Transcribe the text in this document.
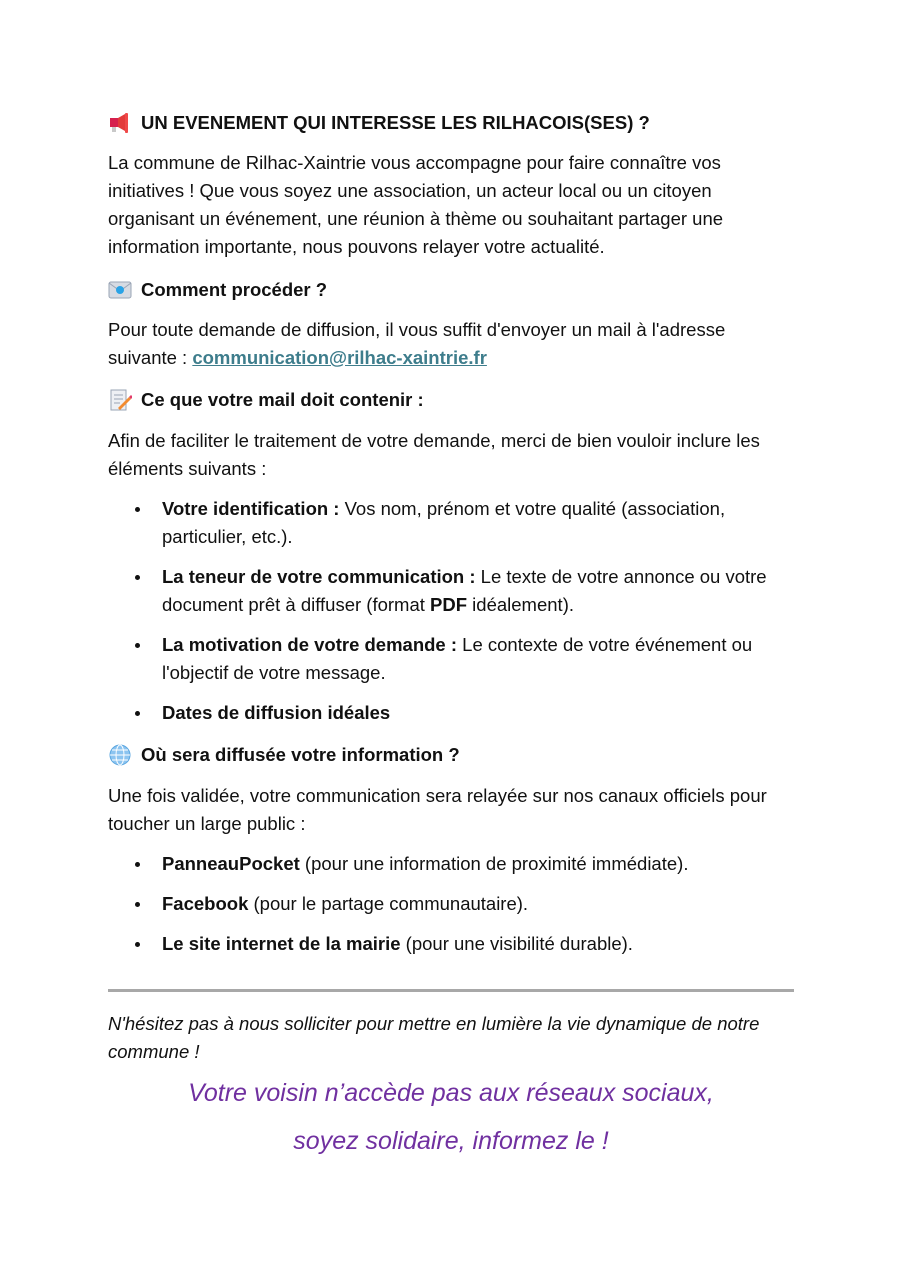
UN EVENEMENT QUI INTERESSE LES RILHACOIS(SES) ?
La commune de Rilhac-Xaintrie vous accompagne pour faire connaître vos initiatives ! Que vous soyez une association, un acteur local ou un citoyen organisant un événement, une réunion à thème ou souhaitant partager une information importante, nous pouvons relayer votre actualité.
Comment procéder ?
Pour toute demande de diffusion, il vous suffit d'envoyer un mail à l'adresse suivante : communication@rilhac-xaintrie.fr
Ce que votre mail doit contenir :
Afin de faciliter le traitement de votre demande, merci de bien vouloir inclure les éléments suivants :
Votre identification : Vos nom, prénom et votre qualité (association, particulier, etc.).
La teneur de votre communication : Le texte de votre annonce ou votre document prêt à diffuser (format PDF idéalement).
La motivation de votre demande : Le contexte de votre événement ou l'objectif de votre message.
Dates de diffusion idéales
Où sera diffusée votre information ?
Une fois validée, votre communication sera relayée sur nos canaux officiels pour toucher un large public :
PanneauPocket (pour une information de proximité immédiate).
Facebook (pour le partage communautaire).
Le site internet de la mairie (pour une visibilité durable).
N'hésitez pas à nous solliciter pour mettre en lumière la vie dynamique de notre commune !
Votre voisin n’accède pas aux réseaux sociaux,
soyez solidaire, informez le !
